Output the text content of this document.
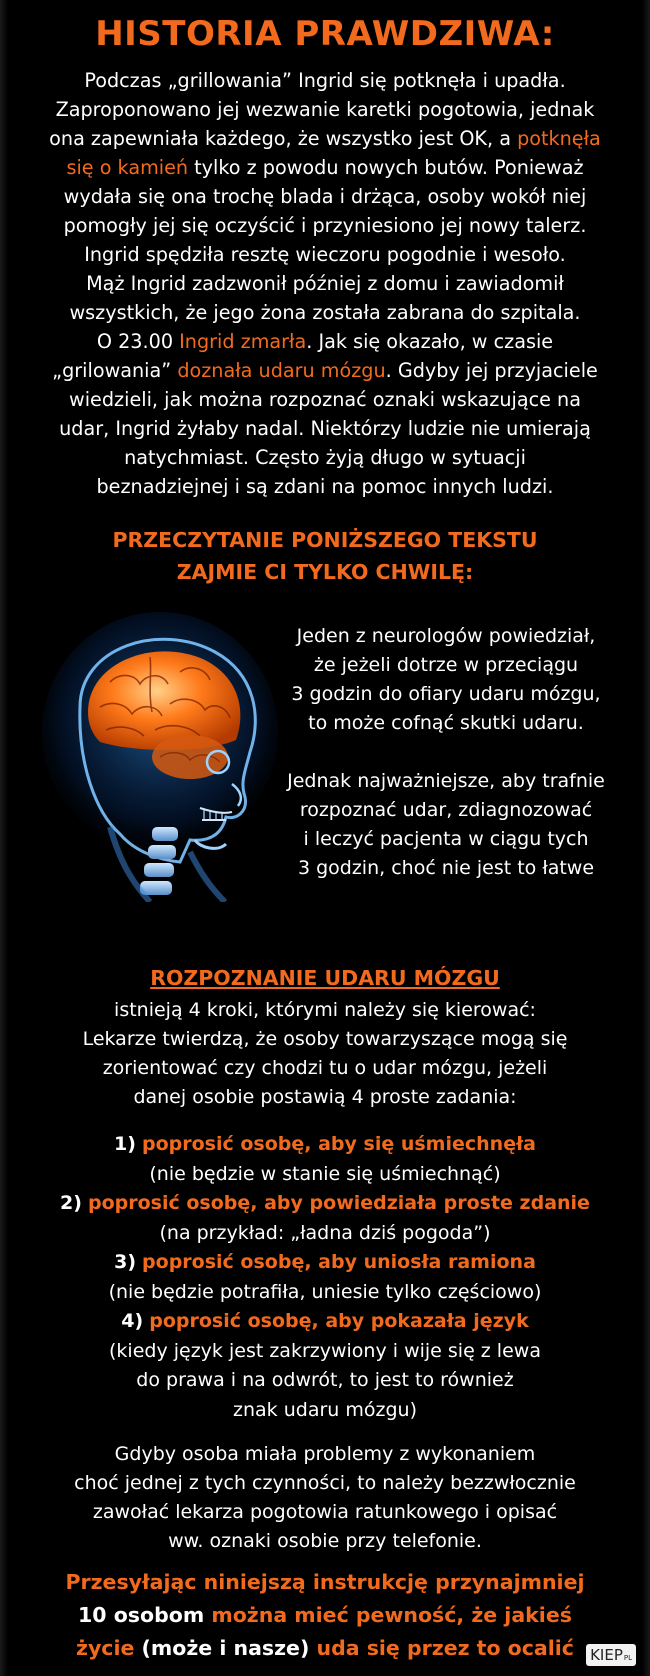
HISTORIA PRAWDZIWA:

Podczas „grillowania” Ingrid się potknęła i upadła.

Zaproponowano jej wezwanie karetki pogotowia, jednak

ona zapewniała każdego, że wszystko jest OK, a potknęła

się o kamień tylko z powodu nowych butów. Ponieważ

wydała się ona trochę blada i drżąca, osoby wokół niej

pomogły jej się oczyścić i przyniesiono jej nowy talerz.

Ingrid spędziła resztę wieczoru pogodnie i wesoło.

Mąż Ingrid zadzwonił później z domu i zawiadomił

wszystkich, że jego żona została zabrana do szpitala.

O 23.00 Ingrid zmarła. Jak się okazało, w czasie

„grilowania” doznała udaru mózgu. Gdyby jej przyjaciele

wiedzieli, jak można rozpoznać oznaki wskazujące na

udar, Ingrid żyłaby nadal. Niektórzy ludzie nie umierają

natychmiast. Często żyją długo w sytuacji

beznadziejnej i są zdani na pomoc innych ludzi.

PRZECZYTANIE PONIŻSZEGO TEKSTU
ZAJMIE CI TYLKO CHWILĘ:

Jeden z neurologów powiedział,

że jeżeli dotrze w przeciągu

3 godzin do ofiary udaru mózgu,

to może cofnąć skutki udaru.

Jednak najważniejsze, aby trafnie

rozpoznać udar, zdiagnozować

i leczyć pacjenta w ciągu tych

3 godzin, choć nie jest to łatwe

ROZPOZNANIE UDARU MÓZGU

istnieją 4 kroki, którymi należy się kierować:

Lekarze twierdzą, że osoby towarzyszące mogą się

zorientować czy chodzi tu o udar mózgu, jeżeli

danej osobie postawią 4 proste zadania:

1) poprosić osobę, aby się uśmiechnęła

(nie będzie w stanie się uśmiechnąć)

2) poprosić osobę, aby powiedziała proste zdanie

(na przykład: „ładna dziś pogoda”)

3) poprosić osobę, aby uniosła ramiona

(nie będzie potrafiła, uniesie tylko częściowo)

4) poprosić osobę, aby pokazała język

(kiedy język jest zakrzywiony i wije się z lewa

do prawa i na odwrót, to jest to również

znak udaru mózgu)

Gdyby osoba miała problemy z wykonaniem

choć jednej z tych czynności, to należy bezzwłocznie

zawołać lekarza pogotowia ratunkowego i opisać

ww. oznaki osobie przy telefonie.

Przesyłając niniejszą instrukcję przynajmniej

10 osobom można mieć pewność, że jakieś

życie (może i nasze) uda się przez to ocalić	KIEP PL
